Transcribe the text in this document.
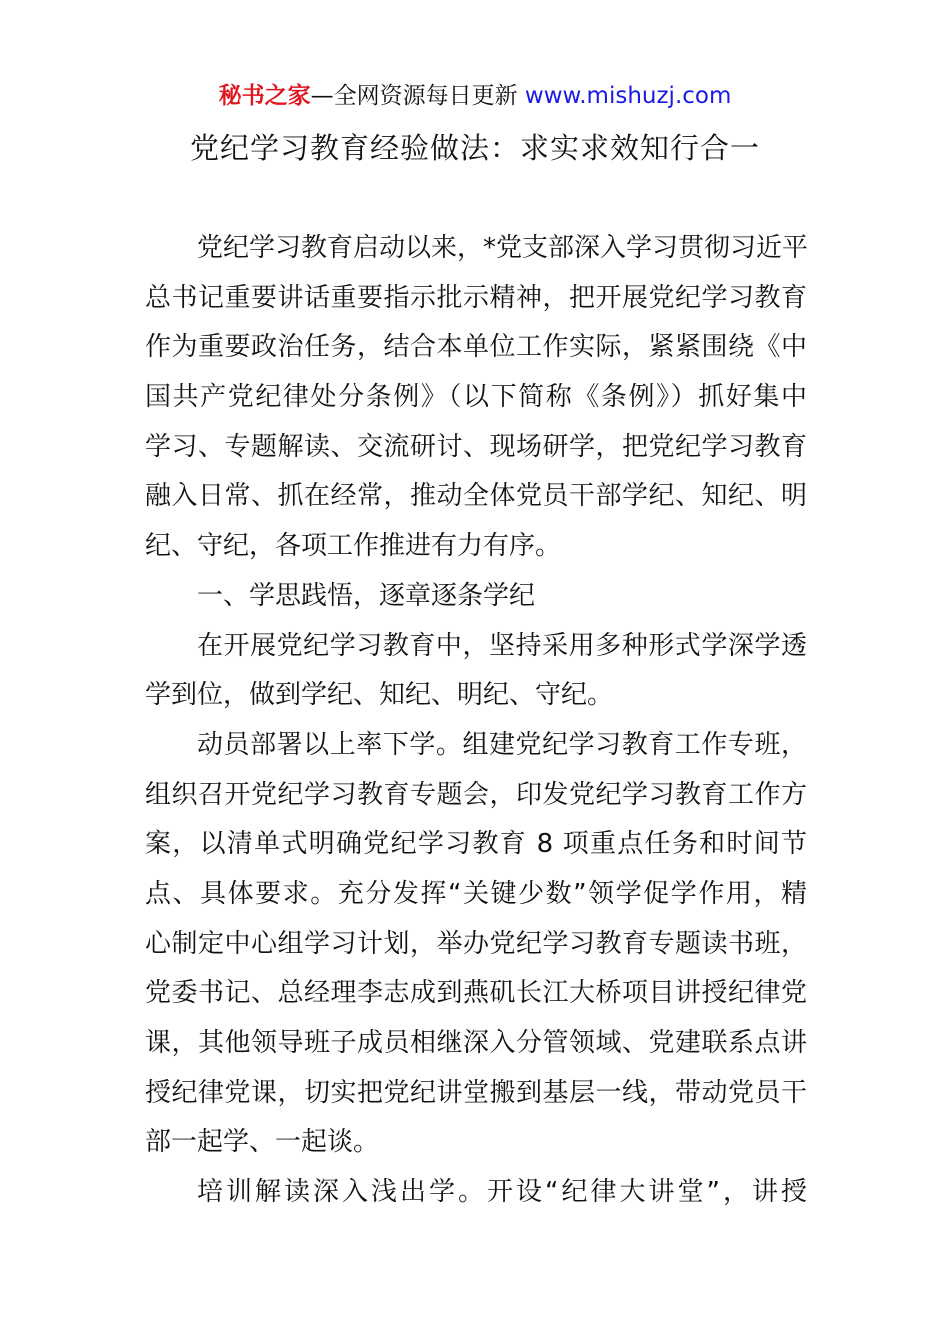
秘书之家—全网资源每日更新 www.mishuzj.com
党纪学习教育经验做法：求实求效知行合一
党纪学习教育启动以来，*党支部深入学习贯彻习近平
总书记重要讲话重要指示批示精神，把开展党纪学习教育
作为重要政治任务，结合本单位工作实际，紧紧围绕《中
国共产党纪律处分条例》（以下简称《条例》）抓好集中
学习、专题解读、交流研讨、现场研学，把党纪学习教育
融入日常、抓在经常，推动全体党员干部学纪、知纪、明
纪、守纪，各项工作推进有力有序。
一、学思践悟，逐章逐条学纪
在开展党纪学习教育中，坚持采用多种形式学深学透
学到位，做到学纪、知纪、明纪、守纪。
动员部署以上率下学。组建党纪学习教育工作专班，
组织召开党纪学习教育专题会，印发党纪学习教育工作方
案，以清单式明确党纪学习教育 8 项重点任务和时间节
点、具体要求。充分发挥“关键少数”领学促学作用，精
心制定中心组学习计划，举办党纪学习教育专题读书班，
党委书记、总经理李志成到燕矶长江大桥项目讲授纪律党
课，其他领导班子成员相继深入分管领域、党建联系点讲
授纪律党课，切实把党纪讲堂搬到基层一线，带动党员干
部一起学、一起谈。
培训解读深入浅出学。开设“纪律大讲堂”，讲授
